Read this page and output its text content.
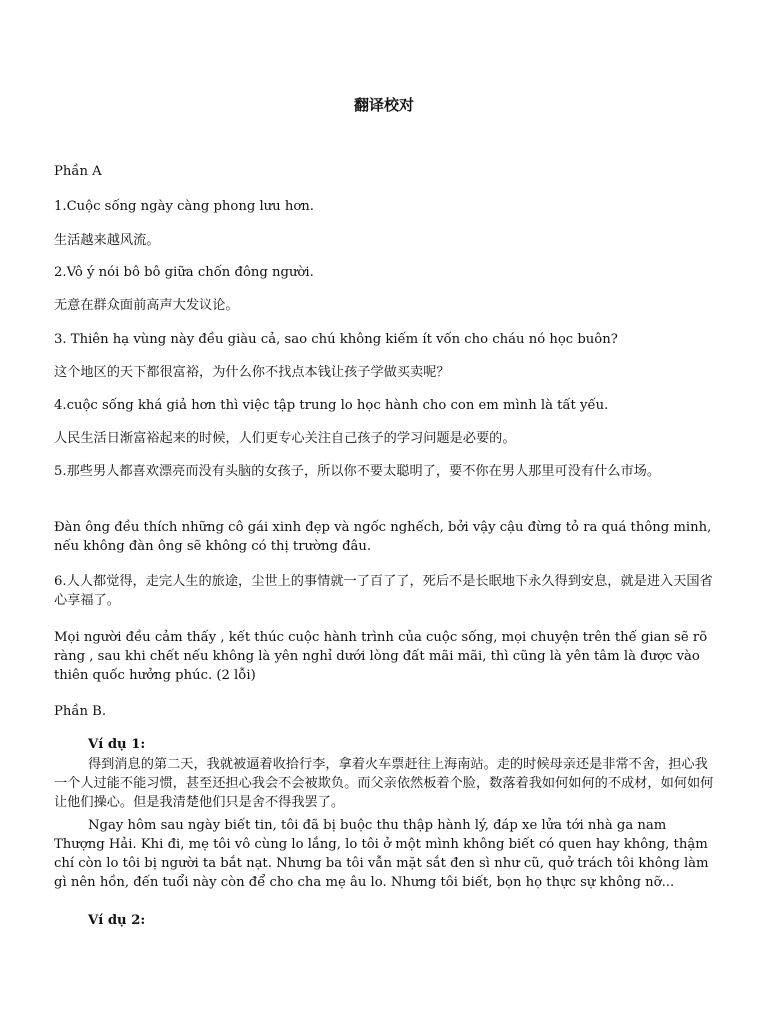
翻译校对

Phần A

1.Cuộc sống ngày càng phong lưu hơn.

生活越来越风流。

2.Vô ý nói bô bô giữa chốn đông người.

无意在群众面前高声大发议论。

3. Thiên hạ vùng này đều giàu cả, sao chú không kiếm ít vốn cho cháu nó học buôn?

这个地区的天下都很富裕，为什么你不找点本钱让孩子学做买卖呢？

4.cuộc sống khá giả hơn thì việc tập trung lo học hành cho con em mình là tất yếu.

人民生活日渐富裕起来的时候，人们更专心关注自己孩子的学习问题是必要的。

5.那些男人都喜欢漂亮而没有头脑的女孩子，所以你不要太聪明了，要不你在男人那里可没有什么市场。

Đàn ông đều thích những cô gái xinh đẹp và ngốc nghếch, bởi vậy cậu đừng tỏ ra quá thông minh, nếu không đàn ông sẽ không có thị trường đâu.

6.人人都觉得，走完人生的旅途，尘世上的事情就一了百了了，死后不是长眠地下永久得到安息，就是进入天国省心享福了。

Mọi người đều cảm thấy , kết thúc cuộc hành trình của cuộc sống, mọi chuyện trên thế gian sẽ rõ ràng , sau khi chết nếu không là yên nghỉ dưới lòng đất mãi mãi, thì cũng là yên tâm là được vào thiên quốc hưởng phúc. (2 lỗi)

Phần B.

Ví dụ 1:

得到消息的第二天，我就被逼着收拾行李，拿着火车票赶往上海南站。走的时候母亲还是非常不舍，担心我一个人过能不能习惯，甚至还担心我会不会被欺负。而父亲依然板着个脸，数落着我如何如何的不成材，如何如何让他们操心。但是我清楚他们只是舍不得我罢了。

Ngay hôm sau ngày biết tin, tôi đã bị buộc thu thập hành lý, đáp xe lửa tới nhà ga nam Thượng Hải. Khi đi, mẹ tôi vô cùng lo lắng, lo tôi ở một mình không biết có quen hay không, thậm chí còn lo tôi bị người ta bắt nạt. Nhưng ba tôi vẫn mặt sắt đen sì như cũ, quở trách tôi không làm gì nên hồn, đến tuổi này còn để cho cha mẹ âu lo. Nhưng tôi biết, bọn họ thực sự không nỡ...

Ví dụ 2:
